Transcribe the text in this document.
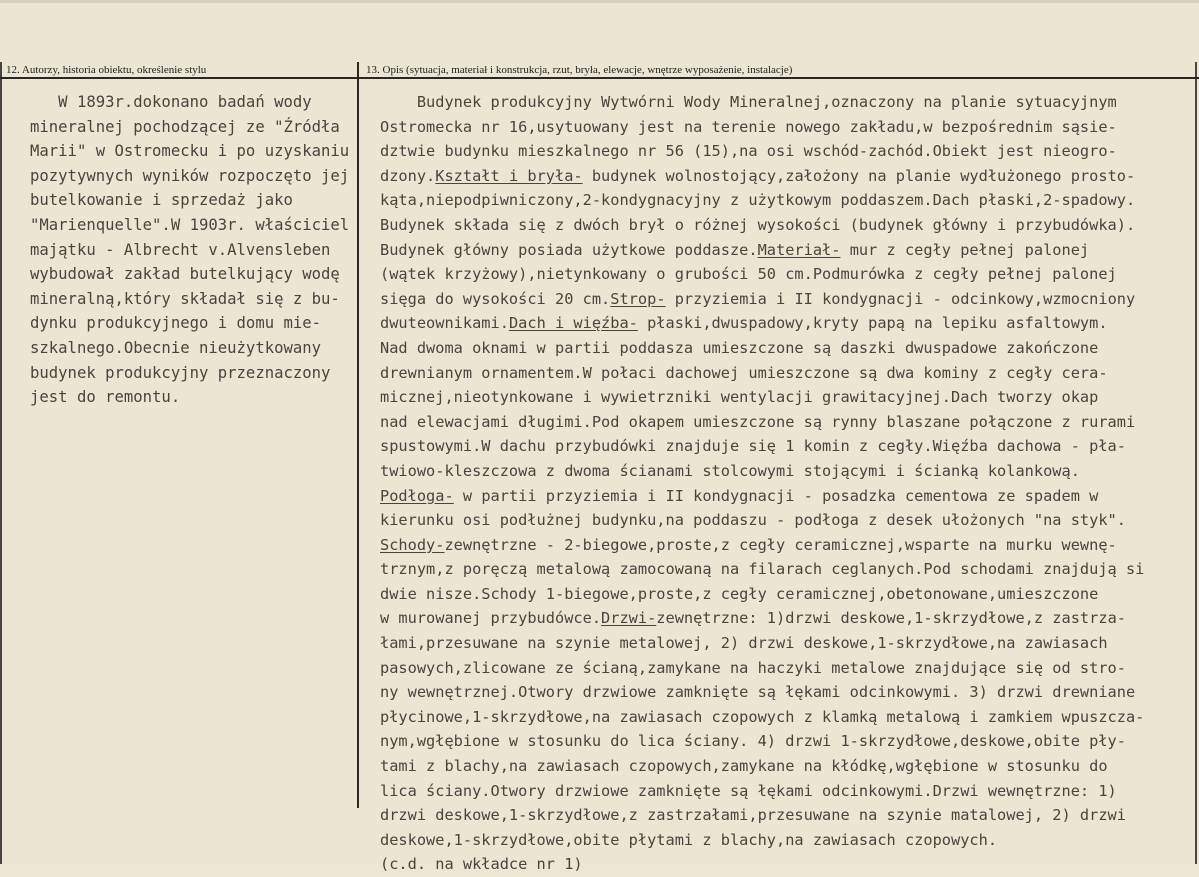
12. Autorzy, historia obiektu, określenie stylu	13. Opis (sytuacja, materiał i konstrukcja, rzut, bryła, elewacje, wnętrze wyposażenie, instalacje)
W 1893r.dokonano badań wody
mineralnej pochodzącej ze "Źródła
Marii" w Ostromecku i po uzyskaniu
pozytywnych wyników rozpoczęto jej
butelkowanie i sprzedaż jako
"Marienquelle".W 1903r. właściciel
majątku - Albrecht v.Alvensleben
wybudował zakład butelkujący wodę
mineralną,który składał się z bu-
dynku produkcyjnego i domu mie-
szkalnego.Obecnie nieużytkowany
budynek produkcyjny przeznaczony
jest do remontu.
Budynek produkcyjny Wytwórni Wody Mineralnej,oznaczony na planie sytuacyjnym
Ostromecka nr 16,usytuowany jest na terenie nowego zakładu,w bezpośrednim sąsie-
dztwie budynku mieszkalnego nr 56 (15),na osi wschód-zachód.Obiekt jest nieogro-
dzony.Kształt i bryła- budynek wolnostojący,założony na planie wydłużonego prosto-
kąta,niepodpiwniczony,2-kondygnacyjny z użytkowym poddaszem.Dach płaski,2-spadowy.
Budynek składa się z dwóch brył o różnej wysokości (budynek główny i przybudówka).
Budynek główny posiada użytkowe poddasze.Materiał- mur z cegły pełnej palonej
(wątek krzyżowy),nietynkowany o grubości 50 cm.Podmurówka z cegły pełnej palonej
sięga do wysokości 20 cm.Strop- przyziemia i II kondygnacji - odcinkowy,wzmocniony
dwuteownikami.Dach i więźba- płaski,dwuspadowy,kryty papą na lepiku asfaltowym.
Nad dwoma oknami w partii poddasza umieszczone są daszki dwuspadowe zakończone
drewnianym ornamentem.W połaci dachowej umieszczone są dwa kominy z cegły cera-
micznej,nieotynkowane i wywietrzniki wentylacji grawitacyjnej.Dach tworzy okap
nad elewacjami długimi.Pod okapem umieszczone są rynny blaszane połączone z rurami
spustowymi.W dachu przybudówki znajduje się 1 komin z cegły.Więźba dachowa - pła-
twiowo-kleszczowa z dwoma ścianami stolcowymi stojącymi i ścianką kolankową.
Podłoga- w partii przyziemia i II kondygnacji - posadzka cementowa ze spadem w
kierunku osi podłużnej budynku,na poddaszu - podłoga z desek ułożonych "na styk".
Schody-zewnętrzne - 2-biegowe,proste,z cegły ceramicznej,wsparte na murku wewnę-
trznym,z poręczą metalową zamocowaną na filarach ceglanych.Pod schodami znajdują si
dwie nisze.Schody 1-biegowe,proste,z cegły ceramicznej,obetonowane,umieszczone
w murowanej przybudówce.Drzwi-zewnętrzne: 1)drzwi deskowe,1-skrzydłowe,z zastrza-
łami,przesuwane na szynie metalowej, 2) drzwi deskowe,1-skrzydłowe,na zawiasach
pasowych,zlicowane ze ścianą,zamykane na haczyki metalowe znajdujące się od stro-
ny wewnętrznej.Otwory drzwiowe zamknięte są łękami odcinkowymi. 3) drzwi drewniane
płycinowe,1-skrzydłowe,na zawiasach czopowych z klamką metalową i zamkiem wpuszcza-
nym,wgłębione w stosunku do lica ściany. 4) drzwi 1-skrzydłowe,deskowe,obite pły-
tami z blachy,na zawiasach czopowych,zamykane na kłódkę,wgłębione w stosunku do
lica ściany.Otwory drzwiowe zamknięte są łękami odcinkowymi.Drzwi wewnętrzne: 1)
drzwi deskowe,1-skrzydłowe,z zastrzałami,przesuwane na szynie matalowej, 2) drzwi
deskowe,1-skrzydłowe,obite płytami z blachy,na zawiasach czopowych.
(c.d. na wkładce nr 1)
